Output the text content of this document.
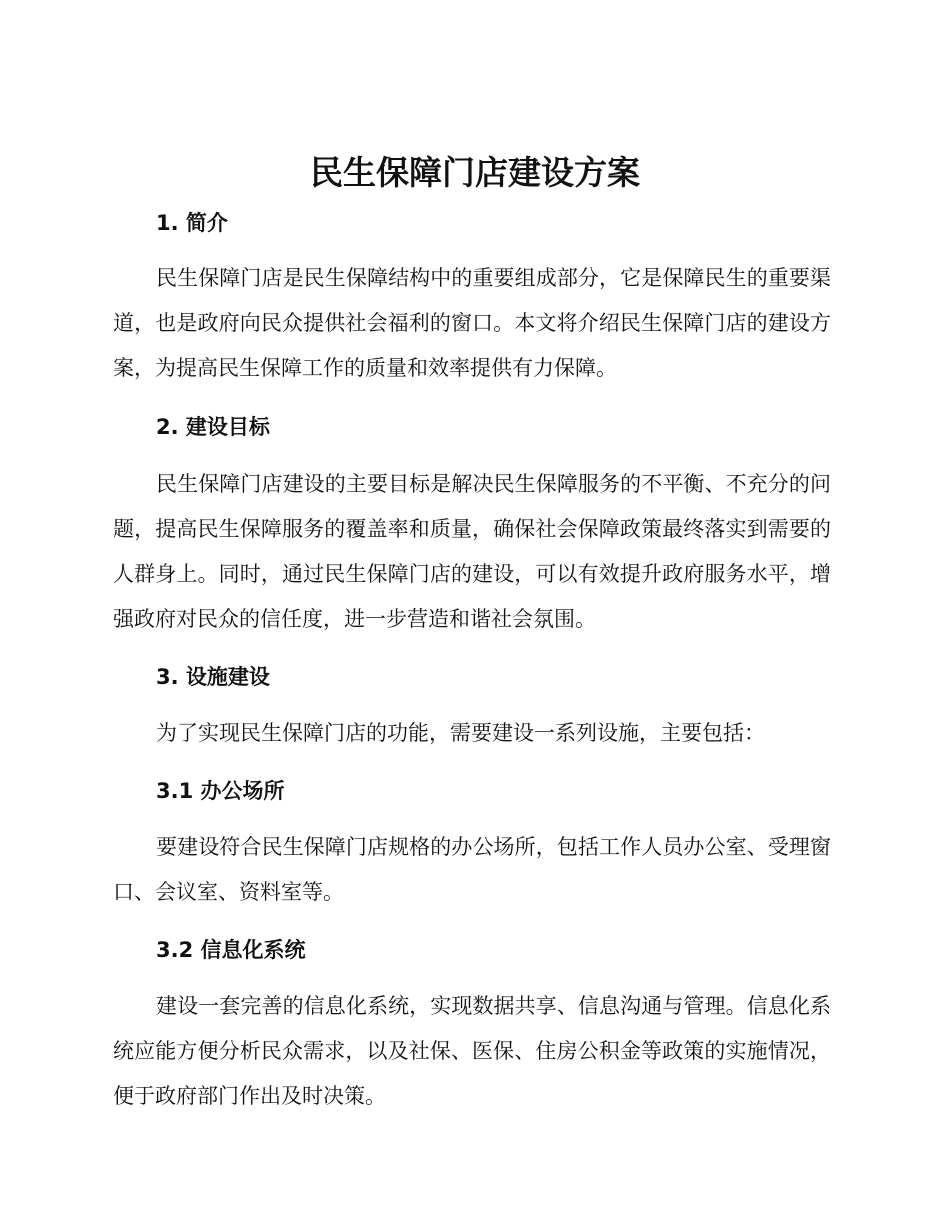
民生保障门店建设方案
1. 简介

民生保障门店是民生保障结构中的重要组成部分，它是保障民生的重要渠道，也是政府向民众提供社会福利的窗口。本文将介绍民生保障门店的建设方案，为提高民生保障工作的质量和效率提供有力保障。

2. 建设目标

民生保障门店建设的主要目标是解决民生保障服务的不平衡、不充分的问题，提高民生保障服务的覆盖率和质量，确保社会保障政策最终落实到需要的人群身上。同时，通过民生保障门店的建设，可以有效提升政府服务水平，增强政府对民众的信任度，进一步营造和谐社会氛围。

3. 设施建设

为了实现民生保障门店的功能，需要建设一系列设施，主要包括：

3.1 办公场所

要建设符合民生保障门店规格的办公场所，包括工作人员办公室、受理窗口、会议室、资料室等。

3.2 信息化系统

建设一套完善的信息化系统，实现数据共享、信息沟通与管理。信息化系统应能方便分析民众需求，以及社保、医保、住房公积金等政策的实施情况，便于政府部门作出及时决策。
